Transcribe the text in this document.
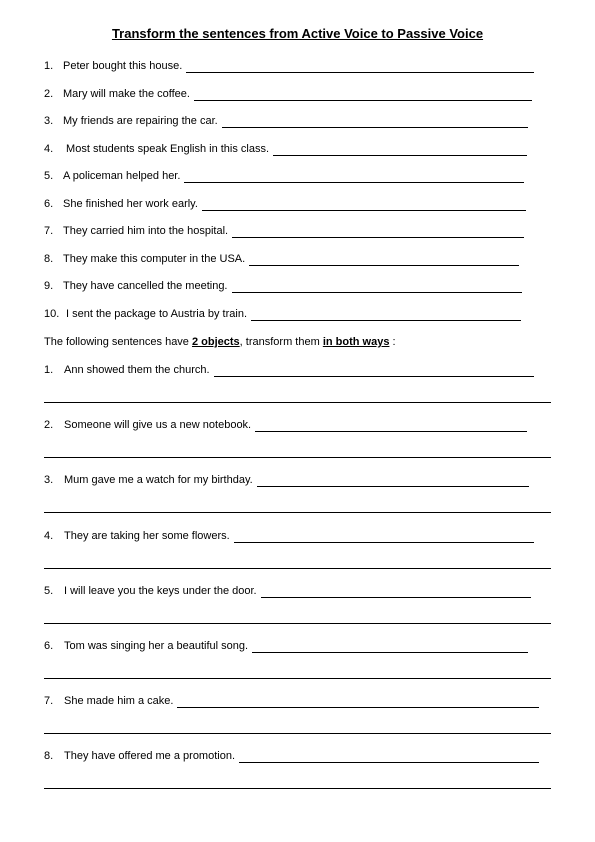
Transform the sentences from Active Voice to Passive Voice
1. Peter bought this house.
2. Mary will make the coffee.
3. My friends are repairing the car.
4. Most students speak English in this class.
5. A policeman helped her.
6. She finished her work early.
7. They carried him into the hospital.
8. They make this computer in the USA.
9. They have cancelled the meeting.
10. I sent the package to Austria by train.
The following sentences have 2 objects, transform them in both ways :
1. Ann showed them the church.
2. Someone will give us a new notebook.
3. Mum gave me a watch for my birthday.
4. They are taking her some flowers.
5. I will leave you the keys under the door.
6. Tom was singing her a beautiful song.
7. She made him a cake.
8. They have offered me a promotion.
